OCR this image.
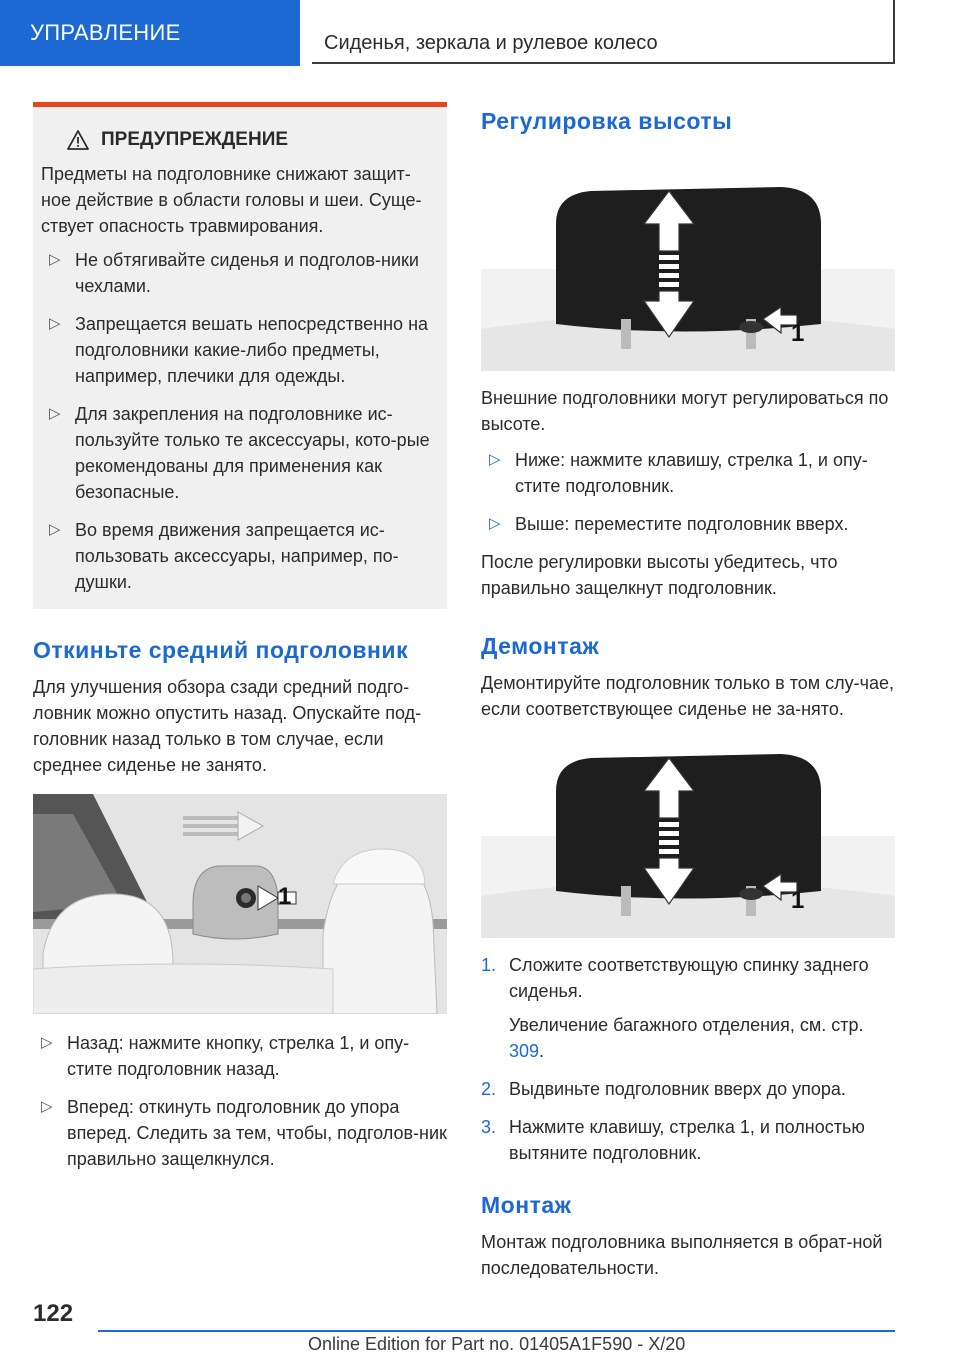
УПРАВЛЕНИЕ	Сиденья, зеркала и рулевое колесо
ПРЕДУПРЕЖДЕНИЕ

Предметы на подголовнике снижают защит-ное действие в области головы и шеи. Суще-ствует опасность травмирования.

▷ Не обтягивайте сиденья и подголов-ники чехлами.
▷ Запрещается вешать непосредственно на подголовники какие-либо предметы, например, плечики для одежды.
▷ Для закрепления на подголовнике ис-пользуйте только те аксессуары, кото-рые рекомендованы для применения как безопасные.
▷ Во время движения запрещается ис-пользовать аксессуары, например, по-душки.
Откиньте средний подголовник

Для улучшения обзора сзади средний подго-ловник можно опустить назад. Опускайте под-головник назад только в том случае, если среднее сиденье не занято.

1
▷ Назад: нажмите кнопку, стрелка 1, и опу-стите подголовник назад.
▷ Вперед: откинуть подголовник до упора вперед. Следить за тем, чтобы, подголов-ник правильно защелкнулся.
Регулировка высоты
1

Внешние подголовники могут регулироваться по высоте.

▷ Ниже: нажмите клавишу, стрелка 1, и опу-стите подголовник.
▷ Выше: переместите подголовник вверх.

После регулировки высоты убедитесь, что правильно защелкнут подголовник.

Демонтаж

Демонтируйте подголовник только в том слу-чае, если соответствующее сиденье не за-нято.

1
1. Сложите соответствующую спинку заднего сиденья.
Увеличение багажного отделения, см. стр. 309.
2. Выдвиньте подголовник вверх до упора.
3. Нажмите клавишу, стрелка 1, и полностью вытяните подголовник.
Монтаж

Монтаж подголовника выполняется в обрат-ной последовательности.

122
Online Edition for Part no. 01405A1F590 - X/20
